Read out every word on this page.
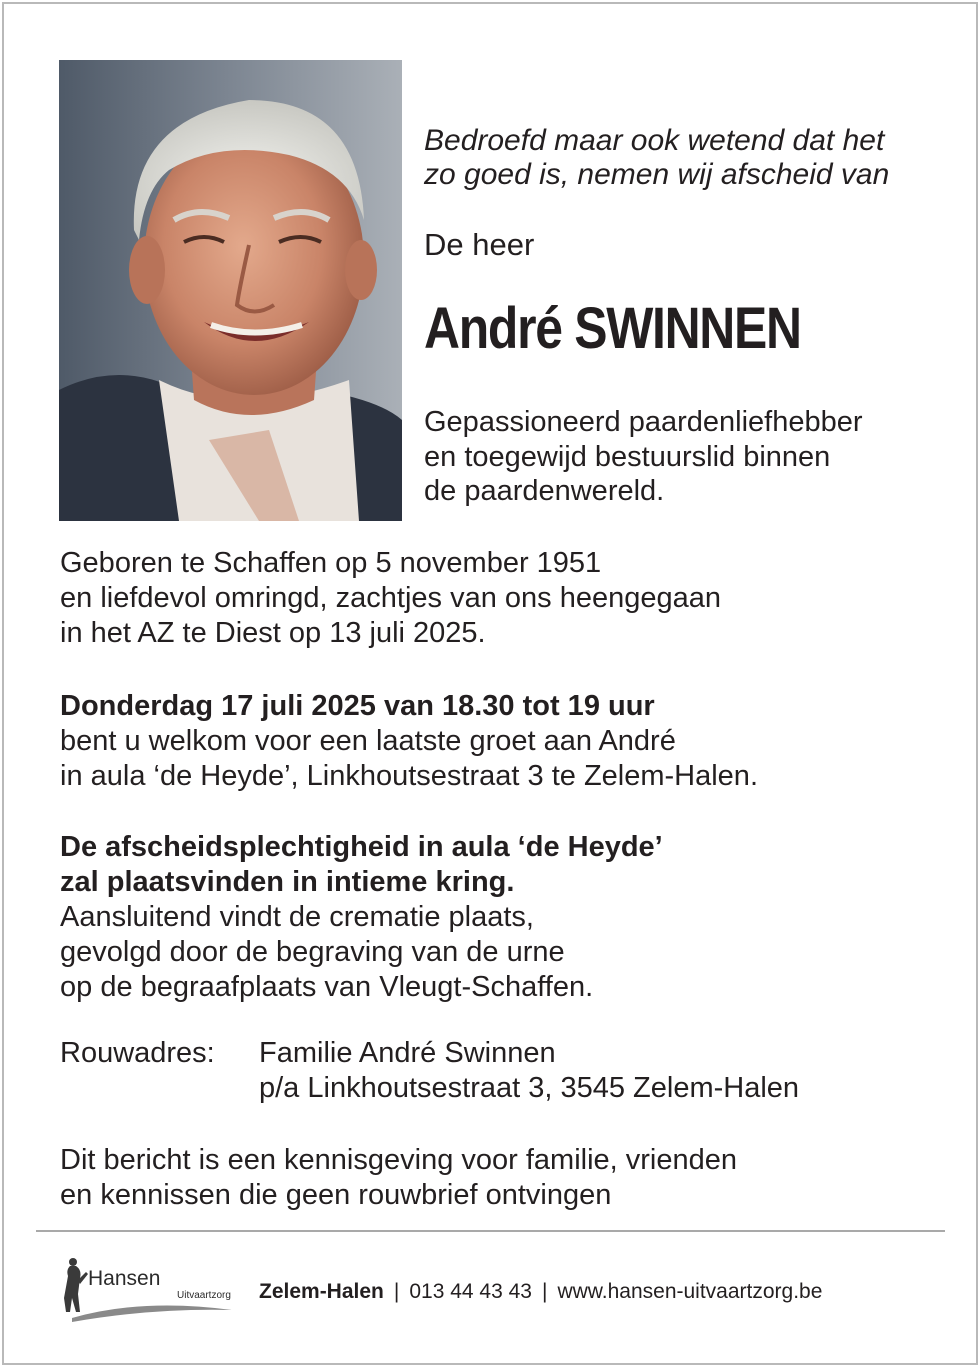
Bedroefd maar ook wetend dat het
zo goed is, nemen wij afscheid van
De heer
André SWINNEN
Gepassioneerd paardenliefhebber
en toegewijd bestuurslid binnen
de paardenwereld.
Geboren te Schaffen op 5 november 1951
en liefdevol omringd, zachtjes van ons heengegaan
in het AZ te Diest op 13 juli 2025.
Donderdag 17 juli 2025 van 18.30 tot 19 uur
bent u welkom voor een laatste groet aan André
in aula ‘de Heyde’, Linkhoutsestraat 3 te Zelem-Halen.
De afscheidsplechtigheid in aula ‘de Heyde’
zal plaatsvinden in intieme kring.
Aansluitend vindt de crematie plaats,
gevolgd door de begraving van de urne
op de begraafplaats van Vleugt-Schaffen.
Rouwadres: Familie André Swinnen
p/a Linkhoutsestraat 3, 3545 Zelem-Halen
Dit bericht is een kennisgeving voor familie, vrienden
en kennissen die geen rouwbrief ontvingen
Hansen
Uitvaartzorg Zelem-Halen | 013 44 43 43 | www.hansen-uitvaartzorg.be
